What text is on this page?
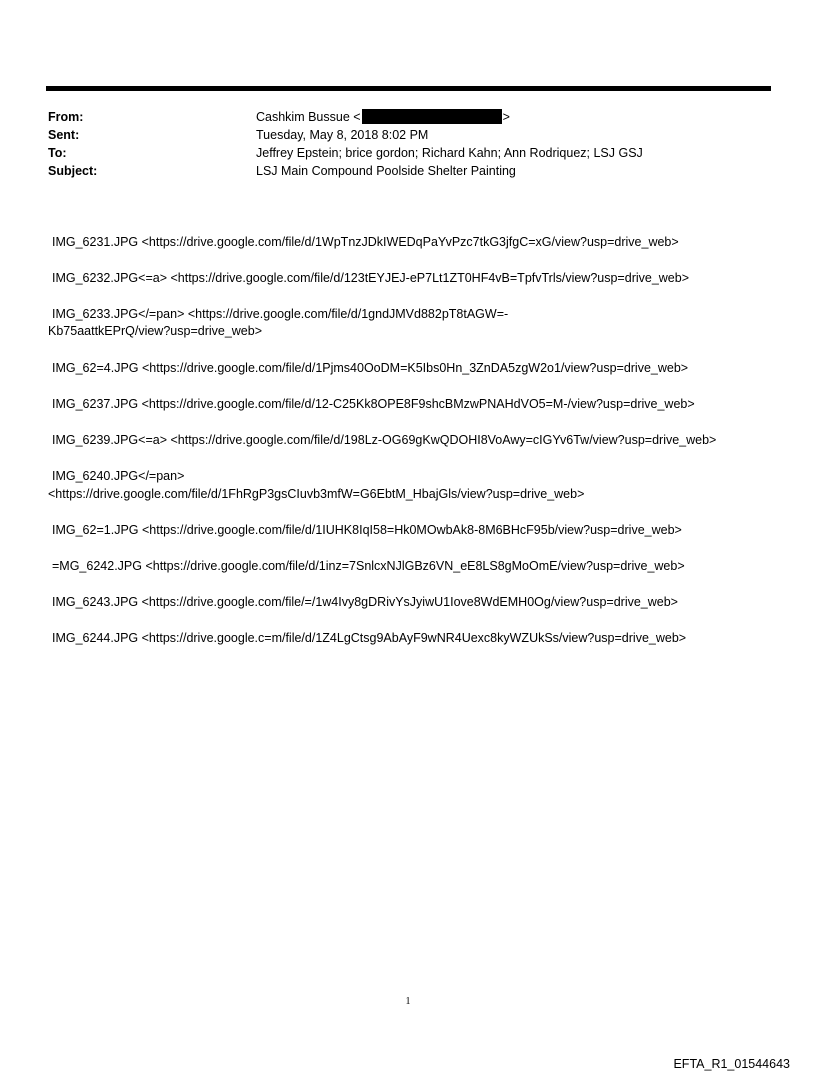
From:	Cashkim Bussue <	>
Sent:	Tuesday, May 8, 2018 8:02 PM
To:	Jeffrey Epstein; brice gordon; Richard Kahn; Ann Rodriquez; LSJ GSJ
Subject:	LSJ Main Compound Poolside Shelter Painting
IMG_6231.JPG <https://drive.google.com/file/d/1WpTnzJDkIWEDqPaYvPzc7tkG3jfgC=xG/view?usp=drive_web>
IMG_6232.JPG<=a> <https://drive.google.com/file/d/123tEYJEJ-eP7Lt1ZT0HF4vB=TpfvTrls/view?usp=drive_web>
IMG_6233.JPG</=pan> <https://drive.google.com/file/d/1gndJMVd882pT8tAGW=-
Kb75aattkEPrQ/view?usp=drive_web>
IMG_62=4.JPG <https://drive.google.com/file/d/1Pjms40OoDM=K5Ibs0Hn_3ZnDA5zgW2o1/view?usp=drive_web>
IMG_6237.JPG <https://drive.google.com/file/d/12-C25Kk8OPE8F9shcBMzwPNAHdVO5=M-/view?usp=drive_web>
IMG_6239.JPG<=a> <https://drive.google.com/file/d/198Lz-OG69gKwQDOHI8VoAwy=cIGYv6Tw/view?usp=drive_web>
IMG_6240.JPG</=pan>
<https://drive.google.com/file/d/1FhRgP3gsCIuvb3mfW=G6EbtM_HbajGls/view?usp=drive_web>
IMG_62=1.JPG <https://drive.google.com/file/d/1IUHK8IqI58=Hk0MOwbAk8-8M6BHcF95b/view?usp=drive_web>
=MG_6242.JPG <https://drive.google.com/file/d/1inz=7SnlcxNJlGBz6VN_eE8LS8gMoOmE/view?usp=drive_web>
IMG_6243.JPG <https://drive.google.com/file/=/1w4Ivy8gDRivYsJyiwU1Iove8WdEMH0Og/view?usp=drive_web>
IMG_6244.JPG <https://drive.google.c=m/file/d/1Z4LgCtsg9AbAyF9wNR4Uexc8kyWZUkSs/view?usp=drive_web>
1
EFTA_R1_01544643
